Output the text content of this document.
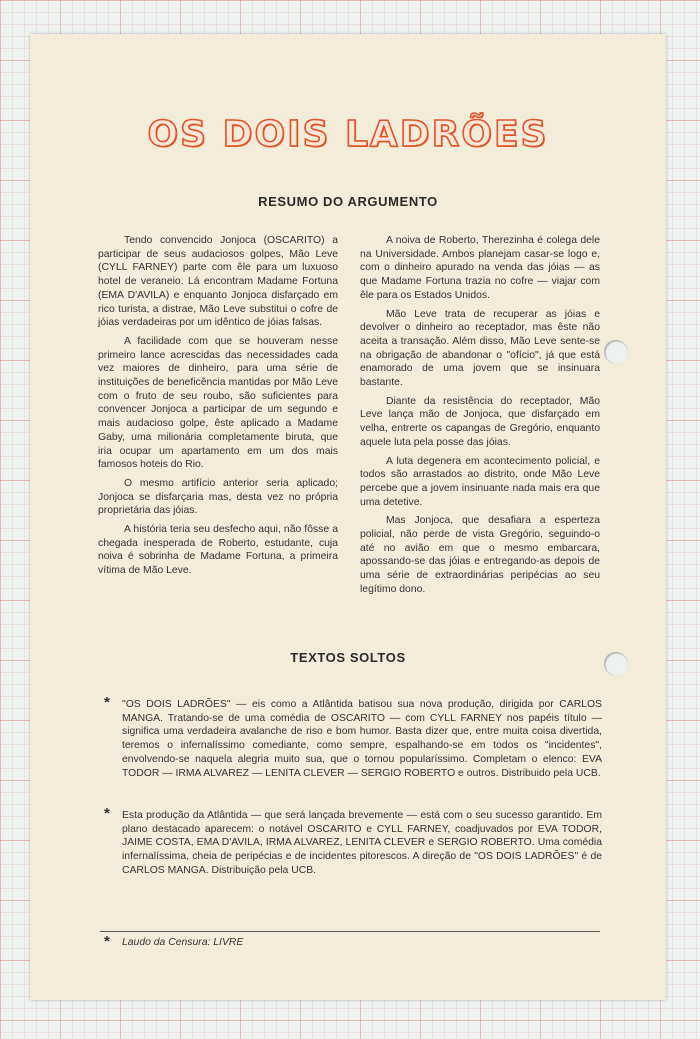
OS DOIS LADRÕES
RESUMO DO ARGUMENTO

Tendo convencido Jonjoca (OSCARITO) a participar de seus audaciosos golpes, Mão Leve (CYLL FARNEY) parte com êle para um luxuoso hotel de veraneio. Lá encontram Madame Fortuna (EMA D'AVILA) e enquanto Jonjoca disfarçado em rico turista, a distrae, Mão Leve substitui o cofre de jóias verdadeiras por um idêntico de jóias falsas.

A facilidade com que se houveram nesse primeiro lance acrescidas das necessidades cada vez maiores de dinheiro, para uma série de instituições de beneficência mantidas por Mão Leve com o fruto de seu roubo, são suficientes para convencer Jonjoca a participar de um segundo e mais audacioso golpe, êste aplicado a Madame Gaby, uma milionária completamente biruta, que iria ocupar um apartamento em um dos mais famosos hoteis do Rio.

O mesmo artifício anterior seria aplicado; Jonjoca se disfarçaria mas, desta vez no própria proprietária das jóias.

A história teria seu desfecho aqui, não fôsse a chegada inesperada de Roberto, estudante, cuja noiva é sobrinha de Madame Fortuna, a primeira vítima de Mão Leve.

A noiva de Roberto, Therezinha é colega dele na Universidade. Ambos planejam casar-se logo e, com o dinheiro apurado na venda das jóias — as que Madame Fortuna trazia no cofre — viajar com êle para os Estados Unidos.

Mão Leve trata de recuperar as jóias e devolver o dinheiro ao receptador, mas êste não aceita a transação. Além disso, Mão Leve sente-se na obrigação de abandonar o "ofício", já que está enamorado de uma jovem que se insinuara bastante.

Diante da resistência do receptador, Mão Leve lança mão de Jonjoca, que disfarçado em velha, entrerte os capangas de Gregório, enquanto aquele luta pela posse das jóias.

A luta degenera em acontecimento policial, e todos são arrastados ao distrito, onde Mão Leve percebe que a jovem insinuante nada mais era que uma detetive.

Mas Jonjoca, que desafiara a esperteza policial, não perde de vista Gregório, seguindo-o até no avião em que o mesmo embarcara, apossando-se das jóias e entregando-as depois de uma série de extraordinárias peripécias ao seu legítimo dono.

TEXTOS SOLTOS
* "OS DOIS LADRÕES" — eis como a Atlântida batisou sua nova produção, dirigida por CARLOS MANGA. Tratando-se de uma comédia de OSCARITO — com CYLL FARNEY nos papéis título — significa uma verdadeira avalanche de riso e bom humor. Basta dizer que, entre muita coisa divertida, teremos o infernalíssimo comediante, como sempre, espalhando-se em todos os "incidentes", envolvendo-se naquela alegria muito sua, que o tornou popularíssimo. Completam o elenco: EVA TODOR — IRMA ALVAREZ — LENITA CLEVER — SERGIO ROBERTO e outros. Distribuido pela UCB.
* Esta produção da Atlântida — que será lançada brevemente — está com o seu sucesso garantido. Em plano destacado aparecem: o notável OSCARITO e CYLL FARNEY, coadjuvados por EVA TODOR, JAIME COSTA, EMA D'AVILA, IRMA ALVAREZ, LENITA CLEVER e SERGIO ROBERTO. Uma comédia infernalíssima, cheia de peripécias e de incidentes pitorescos. A direção de "OS DOIS LADRÕES" é de CARLOS MANGA. Distribuição pela UCB.
* Laudo da Censura: LIVRE
